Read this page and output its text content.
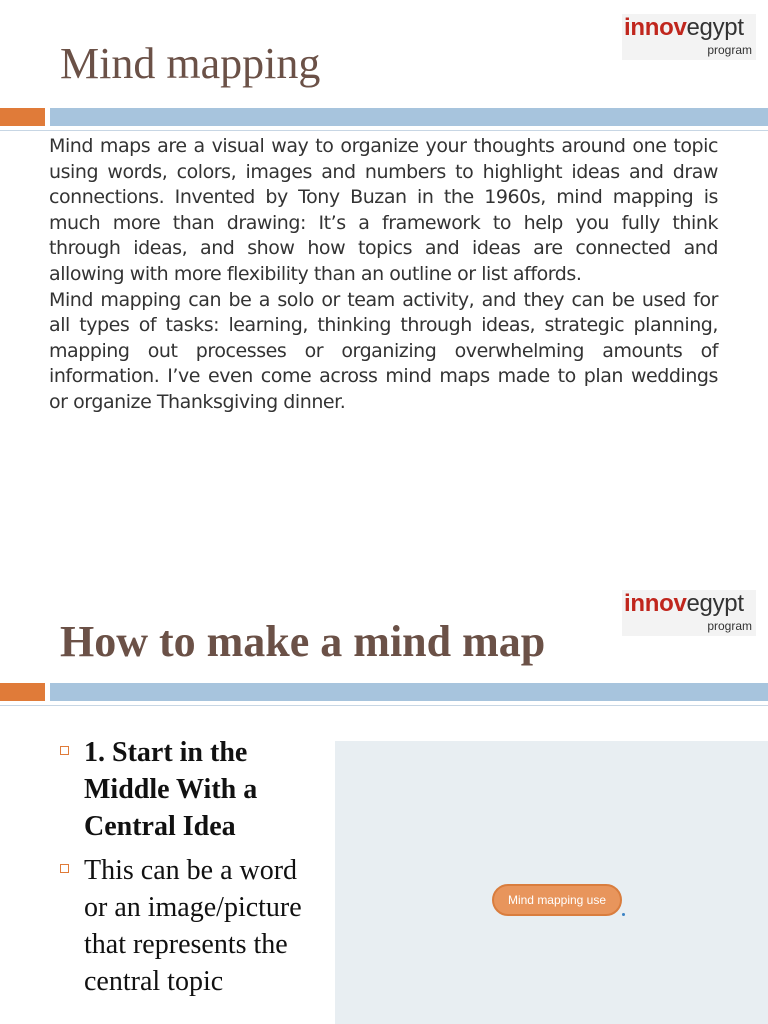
Mind mapping
innovegypt
program

Mind maps are a visual way to organize your thoughts around one topic using words, colors, images and numbers to highlight ideas and draw connections. Invented by Tony Buzan in the 1960s, mind mapping is much more than drawing: It’s a framework to help you fully think through ideas, and show how topics and ideas are connected and allowing with more flexibility than an outline or list affords.

Mind mapping can be a solo or team activity, and they can be used for all types of tasks: learning, thinking through ideas, strategic planning, mapping out processes or organizing overwhelming amounts of information. I’ve even come across mind maps made to plan weddings or organize Thanksgiving dinner.

How to make a mind map
innovegypt
program
1. Start in the Middle With a Central Idea
This can be a word or an image/picture that represents the central topic
Mind mapping use
